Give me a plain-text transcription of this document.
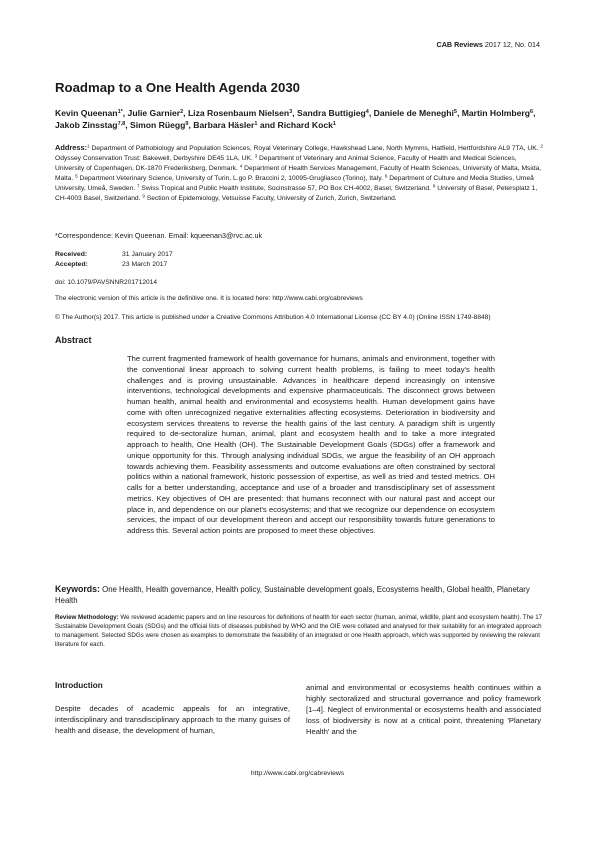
CAB Reviews 2017 12, No. 014
Roadmap to a One Health Agenda 2030
Kevin Queenan$^{1*}$, Julie Garnier$^2$, Liza Rosenbaum Nielsen$^3$, Sandra Buttigieg$^4$, Daniele de Meneghi$^5$, Martin Holmberg$^6$, Jakob Zinsstag$^{7,8}$, Simon Rüegg$^9$, Barbara Häsler$^1$ and Richard Kock$^1$
Address:$^1$ Department of Pathobiology and Population Sciences, Royal Veterinary College, Hawkshead Lane, North Mymms, Hatfield, Hertfordshire AL9 7TA, UK. $^2$ Odyssey Conservation Trust: Bakewell, Derbyshire DE45 1LA, UK. $^3$ Department of Veterinary and Animal Science, Faculty of Health and Medical Sciences, University of Copenhagen, DK-1870 Frederiksberg, Denmark. $^4$ Department of Health Services Management, Faculty of Health Sciences, University of Malta, Msida, Malta. $^5$ Department Veterinary Science, University of Turin, L.go P. Braccini 2, 10095-Grugliasco (Torino), Italy. $^6$ Department of Culture and Media Studies, Umeå University, Umeå, Sweden. $^7$ Swiss Tropical and Public Health Institute, Socinstrasse 57, PO Box CH-4002, Basel, Switzerland. $^8$ University of Basel, Petersplatz 1, CH-4003 Basel, Switzerland. $^9$ Section of Epidemiology, Vetsuisse Faculty, University of Zurich, Zurich, Switzerland.
*Correspondence: Kevin Queenan. Email: kqueenan3@rvc.ac.uk
Received:	31 January 2017
Accepted:	23 March 2017
doi: 10.1079/PAVSNNR201712014
The electronic version of this article is the definitive one. It is located here: http://www.cabi.org/cabreviews
© The Author(s) 2017. This article is published under a Creative Commons Attribution 4.0 International License (CC BY 4.0) (Online ISSN 1749-8848)
Abstract

The current fragmented framework of health governance for humans, animals and environment, together with the conventional linear approach to solving current health problems, is failing to meet today's health challenges and is proving unsustainable. Advances in healthcare depend increasingly on intensive interventions, technological developments and expensive pharmaceuticals. The disconnect grows between human health, animal health and environmental and ecosystems health. Human development gains have come with often unrecognized negative externalities affecting ecosystems. Deterioration in biodiversity and ecosystem services threatens to reverse the health gains of the last century. A paradigm shift is urgently required to de-sectoralize human, animal, plant and ecosystem health and to take a more integrated approach to health, One Health (OH). The Sustainable Development Goals (SDGs) offer a framework and unique opportunity for this. Through analysing individual SDGs, we argue the feasibility of an OH approach towards achieving them. Feasibility assessments and outcome evaluations are often constrained by sectoral politics within a national framework, historic possession of expertise, as well as tried and tested metrics. OH calls for a better understanding, acceptance and use of a broader and transdisciplinary set of assessment metrics. Key objectives of OH are presented: that humans reconnect with our natural past and accept our place in, and dependence on our planet's ecosystems; and that we recognize our dependence on ecosystem services, the impact of our development thereon and accept our responsibility towards future generations to address this. Several action points are proposed to meet these objectives.

Keywords: One Health, Health governance, Health policy, Sustainable development goals, Ecosystems health, Global health, Planetary Health
Review Methodology: We reviewed academic papers and on line resources for definitions of health for each sector (human, animal, wildlife, plant and ecosystem health). The 17 Sustainable Development Goals (SDGs) and the official lists of diseases published by WHO and the OIE were collated and analysed for their suitability for an integrated approach to management. Selected SDGs were chosen as examples to demonstrate the feasibility of an integrated or one Health approach, which was supported by reviewing the relevant literature for each.
Introduction

Despite decades of academic appeals for an integrative, interdisciplinary and transdisciplinary approach to the many guises of health and disease, the development of human,

animal and environmental or ecosystems health continues within a highly sectoralized and structural governance and policy framework [1–4]. Neglect of environmental or ecosystems health and associated loss of biodiversity is now at a critical point, threatening 'Planetary Health' and the

http://www.cabi.org/cabreviews
